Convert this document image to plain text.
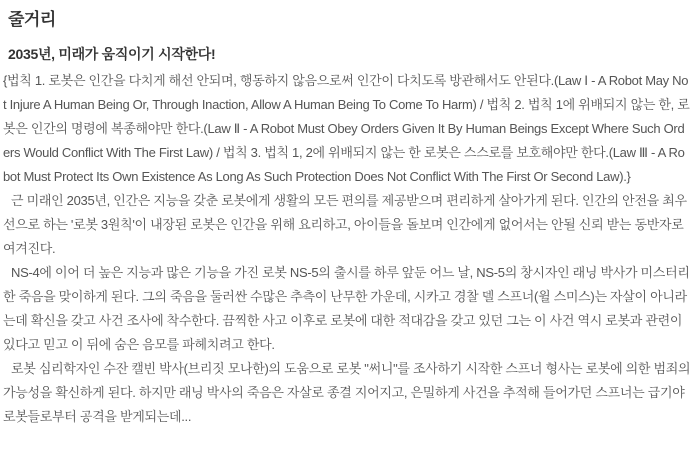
줄거리
2035년, 미래가 움직이기 시작한다!

{법칙 1. 로봇은 인간을 다치게 해선 안되며, 행동하지 않음으로써 인간이 다치도록 방관해서도 안된다.(Law Ⅰ - A Robot May Not Injure A Human Being Or, Through Inaction, Allow A Human Being To Come To Harm) / 법칙 2. 법칙 1에 위배되지 않는 한, 로봇은 인간의 명령에 복종해야만 한다.(Law Ⅱ - A Robot Must Obey Orders Given It By Human Beings Except Where Such Orders Would Conflict With The First Law) / 법칙 3. 법칙 1, 2에 위배되지 않는 한 로봇은 스스로를 보호해야만 한다.(Law Ⅲ - A Robot Must Protect Its Own Existence As Long As Such Protection Does Not Conflict With The First Or Second Law).}

근 미래인 2035년, 인간은 지능을 갖춘 로봇에게 생활의 모든 편의를 제공받으며 편리하게 살아가게 된다. 인간의 안전을 최우선으로 하는 '로봇 3원칙'이 내장된 로봇은 인간을 위해 요리하고, 아이들을 돌보며 인간에게 없어서는 안될 신뢰 받는 동반자로 여겨진다.

NS-4에 이어 더 높은 지능과 많은 기능을 가진 로봇 NS-5의 출시를 하루 앞둔 어느 날, NS-5의 창시자인 래닝 박사가 미스터리한 죽음을 맞이하게 된다. 그의 죽음을 둘러싼 수많은 추측이 난무한 가운데, 시카고 경찰 델 스프너(윌 스미스)는 자살이 아니라는데 확신을 갖고 사건 조사에 착수한다. 끔찍한 사고 이후로 로봇에 대한 적대감을 갖고 있던 그는 이 사건 역시 로봇과 관련이 있다고 믿고 이 뒤에 숨은 음모를 파헤치려고 한다.

로봇 심리학자인 수잔 캘빈 박사(브리짓 모나한)의 도움으로 로봇 "써니"를 조사하기 시작한 스프너 형사는 로봇에 의한 범죄의 가능성을 확신하게 된다. 하지만 래닝 박사의 죽음은 자살로 종결 지어지고, 은밀하게 사건을 추적해 들어가던 스프너는 급기야 로봇들로부터 공격을 받게되는데...
